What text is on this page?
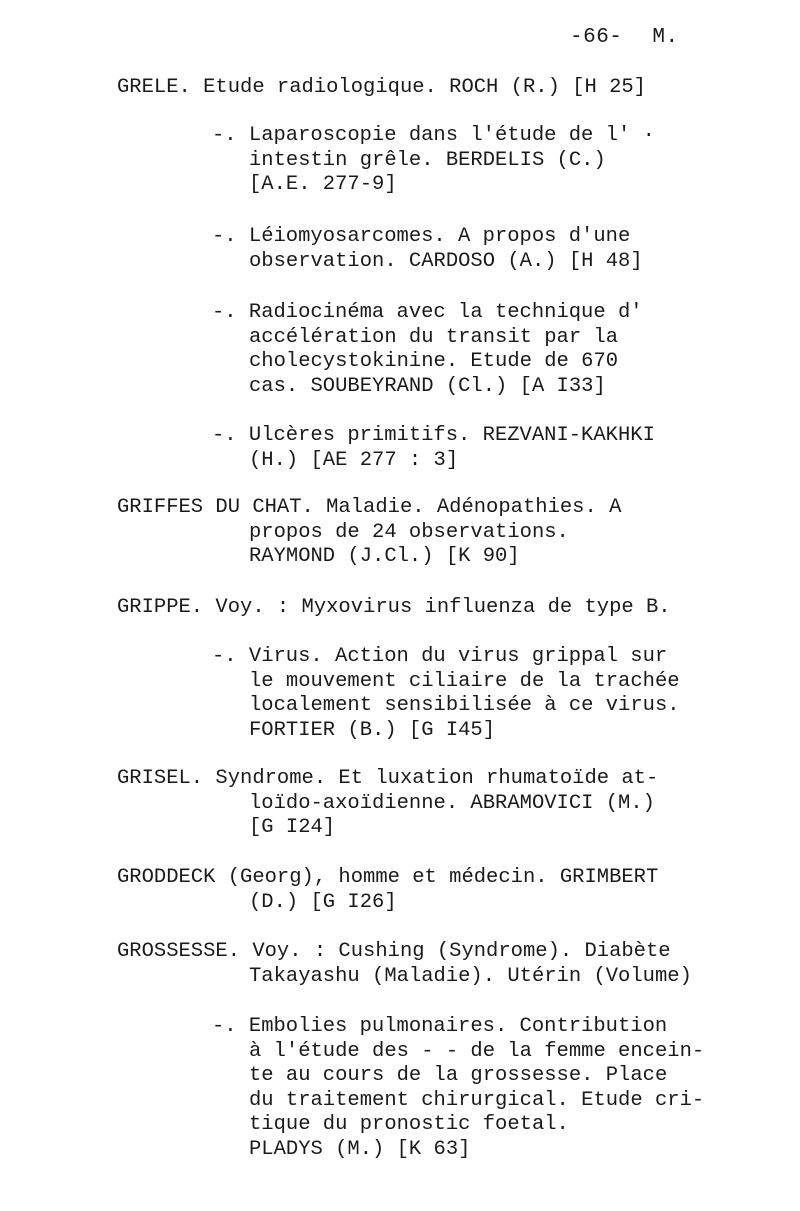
-66- M.

GRELE. Etude radiologique. ROCH (R.) [H 25]

-. Laparoscopie dans l'étude de l' ·

intestin grêle. BERDELIS (C.)

[A.E. 277-9]

-. Léiomyosarcomes. A propos d'une

observation. CARDOSO (A.) [H 48]

-. Radiocinéma avec la technique d'

accélération du transit par la

cholecystokinine. Etude de 670

cas. SOUBEYRAND (Cl.) [A I33]

-. Ulcères primitifs. REZVANI-KAKHKI

(H.) [AE 277 : 3]

GRIFFES DU CHAT. Maladie. Adénopathies. A

propos de 24 observations.

RAYMOND (J.Cl.) [K 90]

GRIPPE. Voy. : Myxovirus influenza de type B.

-. Virus. Action du virus grippal sur

le mouvement ciliaire de la trachée

localement sensibilisée à ce virus.

FORTIER (B.) [G I45]

GRISEL. Syndrome. Et luxation rhumatoïde at-

loïdo-axoïdienne. ABRAMOVICI (M.)

[G I24]

GRODDECK (Georg), homme et médecin. GRIMBERT

(D.) [G I26]

GROSSESSE. Voy. : Cushing (Syndrome). Diabète

Takayashu (Maladie). Utérin (Volume)

-. Embolies pulmonaires. Contribution

à l'étude des - - de la femme encein-

te au cours de la grossesse. Place

du traitement chirurgical. Etude cri-

tique du pronostic foetal.

PLADYS (M.) [K 63]
